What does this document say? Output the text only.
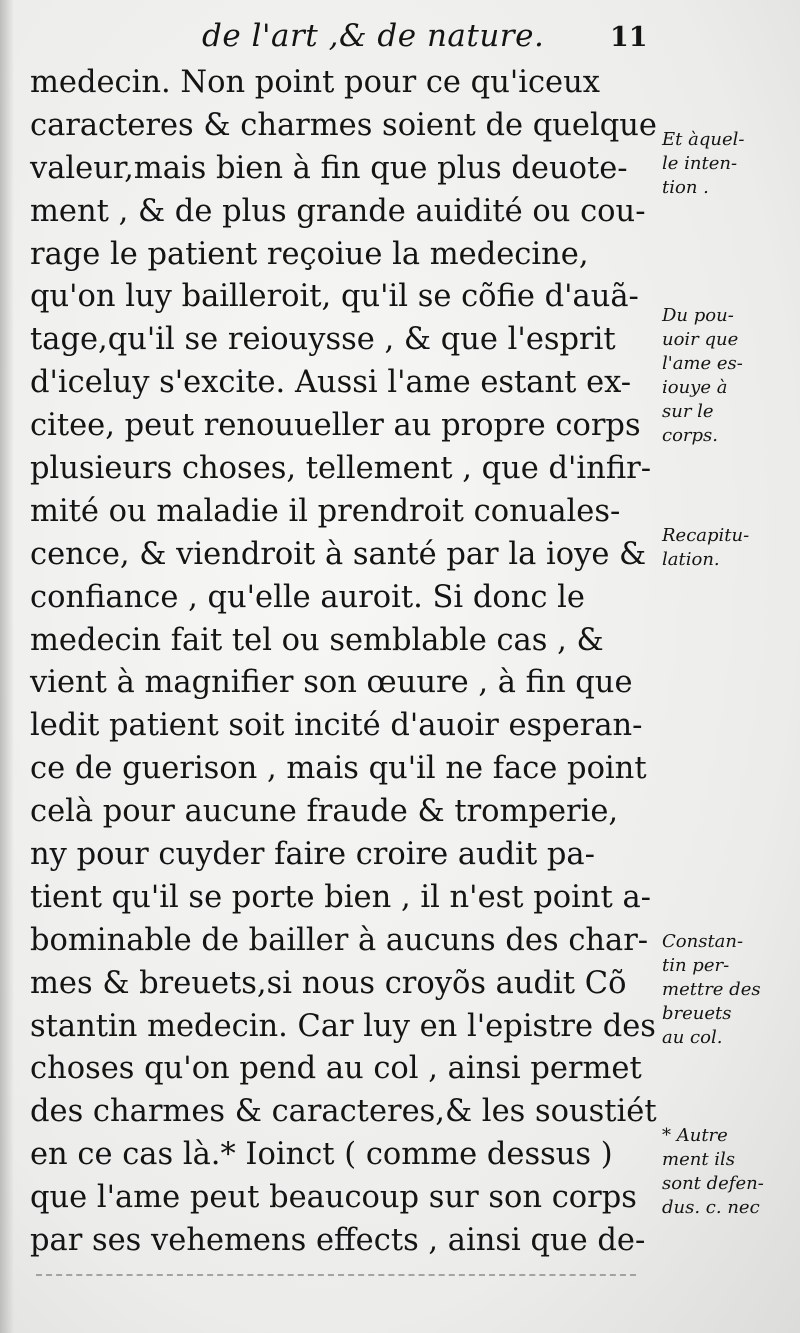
de l'art ,& de nature. 11
medecin. Non point pour ce qu'iceux
caracteres & charmes soient de quelque
valeur,mais bien à fin que plus deuote-
ment , & de plus grande auidité ou cou-
rage le patient reçoiue la medecine,
qu'on luy bailleroit, qu'il se cõfie d'auã-
tage,qu'il se reiouysse , & que l'esprit
d'iceluy s'excite. Aussi l'ame estant ex-
citee, peut renouueller au propre corps
plusieurs choses, tellement , que d'infir-
mité ou maladie il prendroit conuales-
cence, & viendroit à santé par la ioye &
confiance , qu'elle auroit. Si donc le
medecin fait tel ou semblable cas , &
vient à magnifier son œuure , à fin que
ledit patient soit incité d'auoir esperan-
ce de guerison , mais qu'il ne face point
celà pour aucune fraude & tromperie,
ny pour cuyder faire croire audit pa-
tient qu'il se porte bien , il n'est point a-
bominable de bailler à aucuns des char-
mes & breuets,si nous croyõs audit Cõ
stantin medecin. Car luy en l'epistre des
choses qu'on pend au col , ainsi permet
des charmes & caracteres,& les soustiét
en ce cas là.* Ioinct ( comme dessus )
que l'ame peut beaucoup sur son corps
par ses vehemens effects , ainsi que de-
Et àquel-
le inten-
tion .
Du pou-
uoir que
l'ame es-
iouye à
sur le
corps.
Recapitu-
lation.
Constan-
tin per-
mettre des
breuets
au col.
* Autre
ment ils
sont defen-
dus. c. nec
